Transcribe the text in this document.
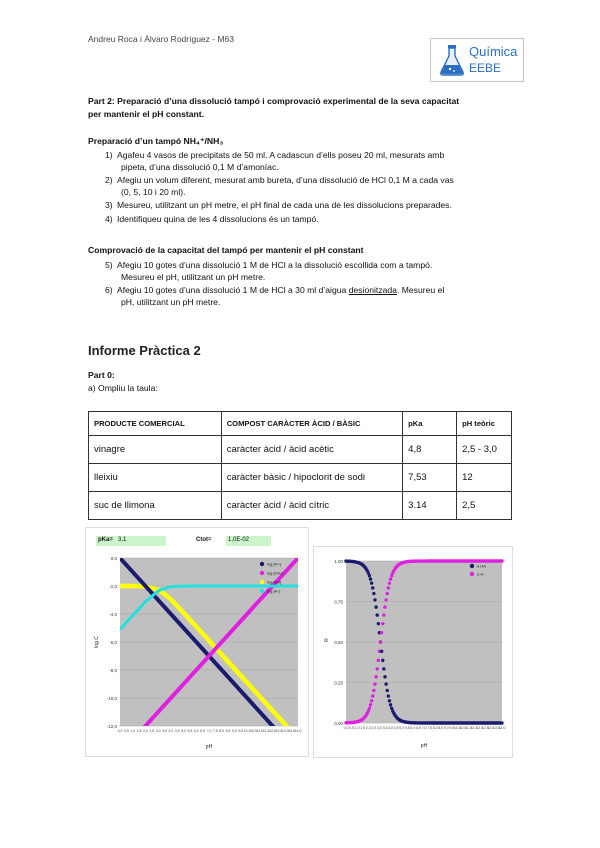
Andreu Roca i Álvaro Rodríguez - M63
Química
EEBE
Part 2: Preparació d’una dissolució tampó i comprovació experimental de la seva capacitat
per mantenir el pH constant.
Preparació d’un tampó NH₄⁺/NH₃
1) Agafeu 4 vasos de precipitats de 50 ml. A cadascun d’ells poseu 20 ml, mesurats amb
pipeta, d’una dissolució 0,1 M d’amoníac.
2) Afegiu un volum diferent, mesurat amb bureta, d’una dissolució de HCl 0,1 M a cada vas
(0, 5, 10 i 20 ml).
3) Mesureu, utilitzant un pH metre, el pH final de cada una de les dissolucions preparades.
4) Identifiqueu quina de les 4 dissolucions és un tampó.
Comprovació de la capacitat del tampó per mantenir el pH constant
5) Afegiu 10 gotes d’una dissolució 1 M de HCl a la dissolució escollida com a tampó.
Mesureu el pH, utilitzant un pH metre.
6) Afegiu 10 gotes d’una dissolució 1 M de HCl a 30 ml d’aigua desionitzada. Mesureu el
pH, utilitzant un pH metre.
Informe Pràctica 2
Part 0:
a) Ompliu la taula:
PRODUCTE COMERCIAL	COMPOST CARÀCTER ÀCID / BÀSIC	pKa	pH teòric
vinagre	caràcter àcid / àcid acètic	4,8	2,5 - 3,0
lleixiu	caràcter bàsic / hipoclorit de sodi	7,53	12
suc de llimona	caràcter àcid / àcid cítric	3.14	2,5
pKa= 3,1	Ctot=	1,0E-02
0,0
-2,0
-4,0
-6,0
-8,0
-10,0
-12,0
0,0 0,5 1,0 1,5 2,0 2,5 3,0 3,5 4,0 4,5 5,0 5,5 6,0 6,5 7,0 7,5 8,0 8,5 9,0 9,5 10,0 10,5 11,0 11,5 12,0 12,5 13,0 13,5 14,0
pH
log C
log [H+]
log [OH-]
log [HA]
log [A-]
1,00
0,75
0,50
0,25
0,00
0,0 0,5 1,0 1,5 2,0 2,5 3,0 3,5 4,0 4,5 5,0 5,5 6,0 6,5 7,0 7,5 8,0 8,5 9,0 9,5 10,0
10,5
11,0 11,5
12,0
12,5
13,0
13,5
14,0
pH
α
α HA
α A-
